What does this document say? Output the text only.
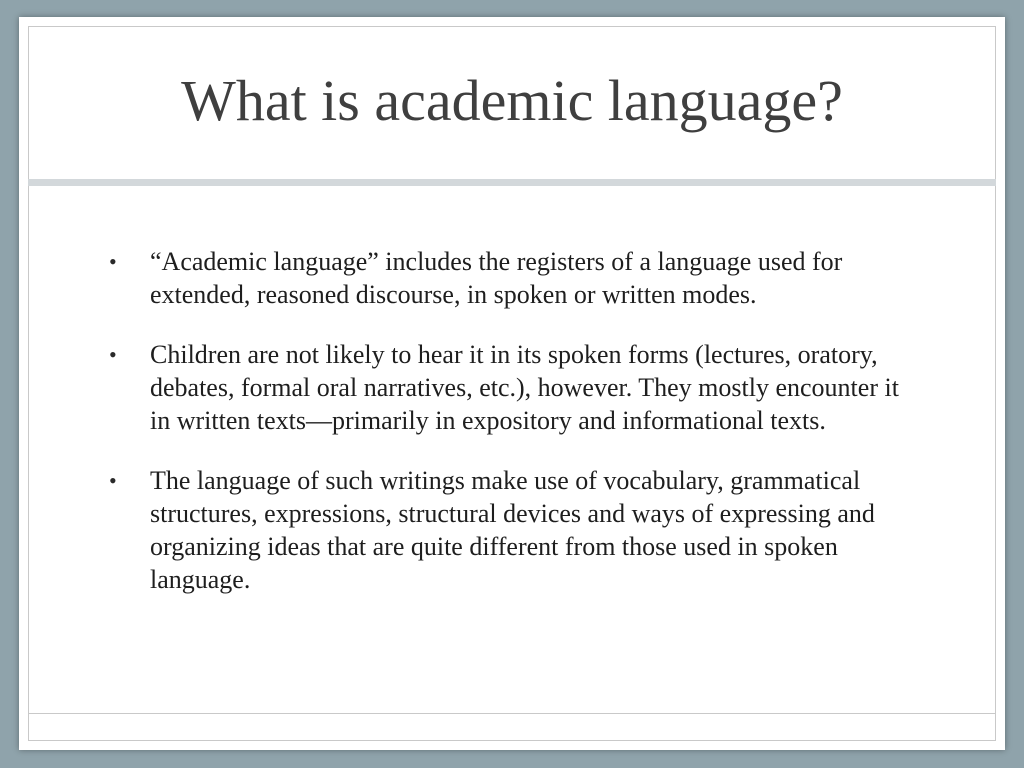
What is academic language?
• “Academic language” includes the registers of a language used for extended, reasoned discourse, in spoken or written modes.
• Children are not likely to hear it in its spoken forms (lectures, oratory, debates, formal oral narratives, etc.), however. They mostly encounter it in written texts—primarily in expository and informational texts.
• The language of such writings make use of vocabulary, grammatical structures, expressions, structural devices and ways of expressing and organizing ideas that are quite different from those used in spoken language.
